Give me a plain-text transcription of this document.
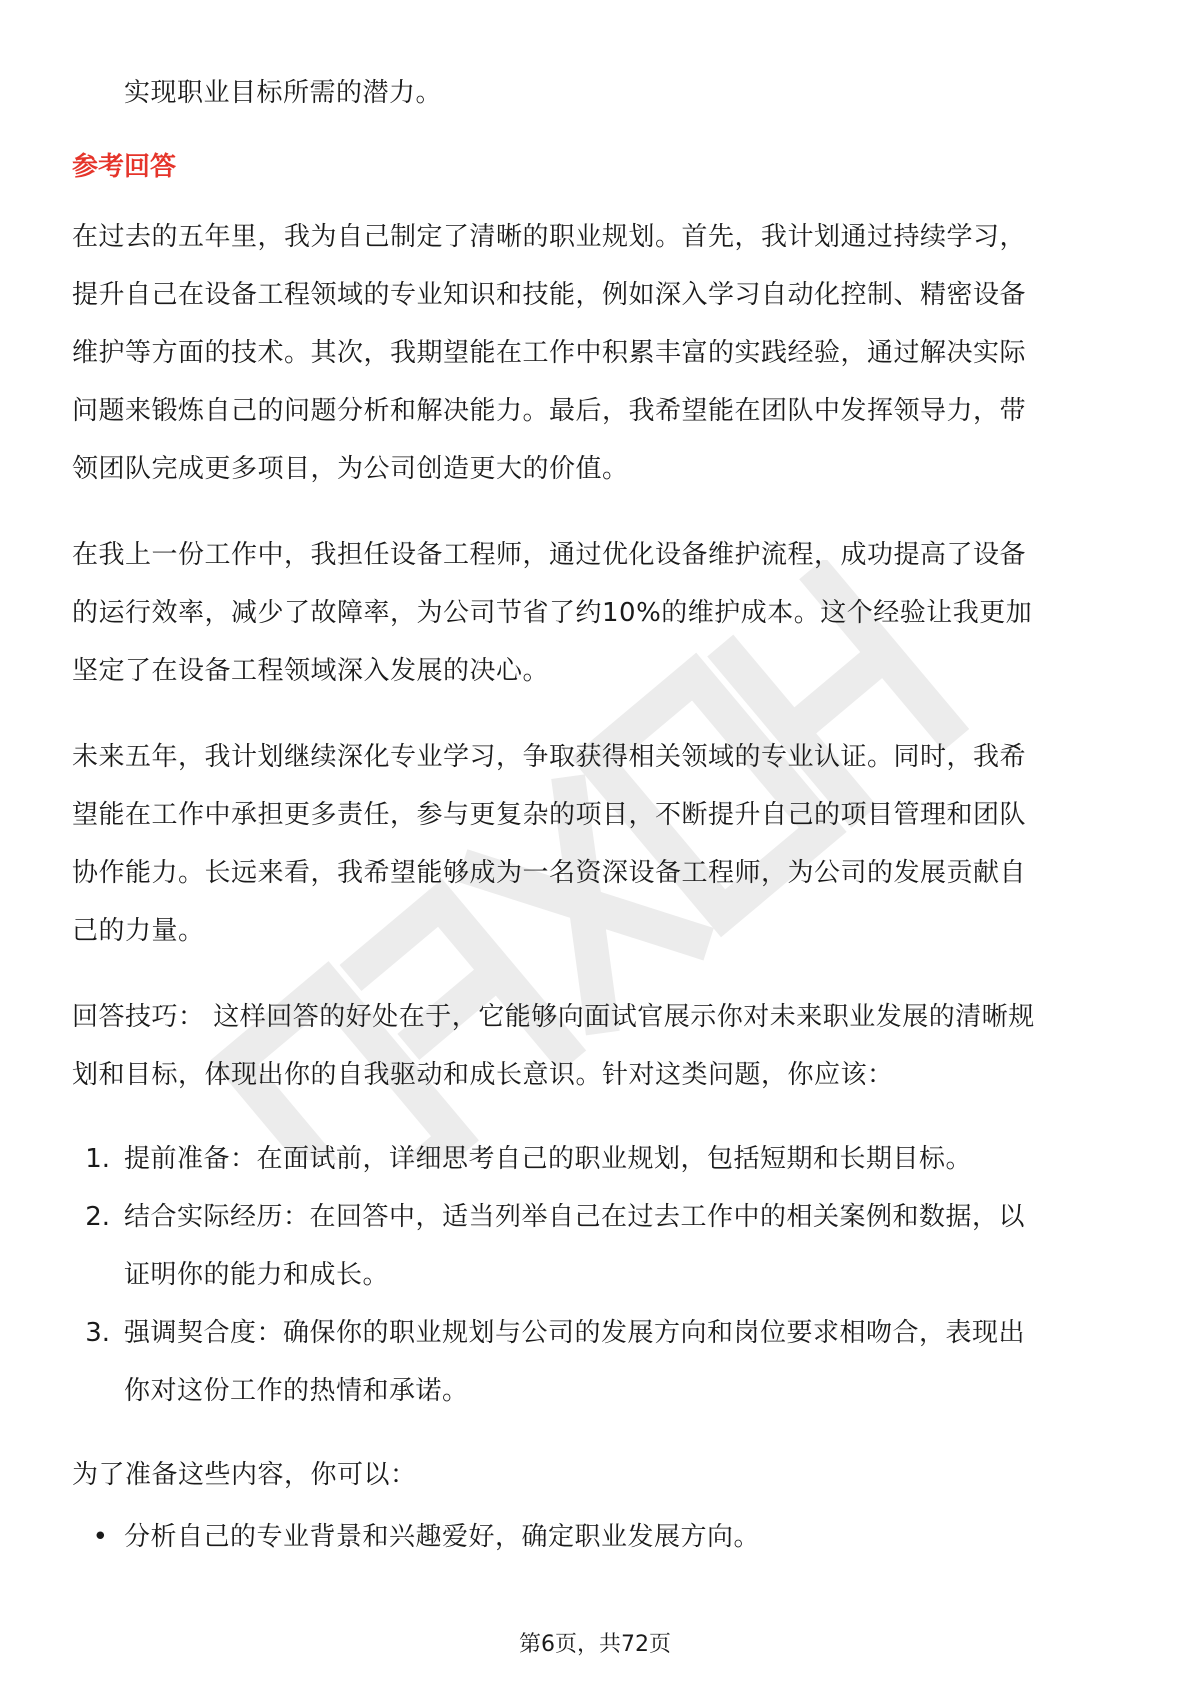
实现职业目标所需的潜力。
参考回答
在过去的五年里，我为自己制定了清晰的职业规划。首先，我计划通过持续学习，
提升自己在设备工程领域的专业知识和技能，例如深入学习自动化控制、精密设备
维护等方面的技术。其次，我期望能在工作中积累丰富的实践经验，通过解决实际
问题来锻炼自己的问题分析和解决能力。最后，我希望能在团队中发挥领导力，带
领团队完成更多项目，为公司创造更大的价值。
在我上一份工作中，我担任设备工程师，通过优化设备维护流程，成功提高了设备
的运行效率，减少了故障率，为公司节省了约10%的维护成本。这个经验让我更加
坚定了在设备工程领域深入发展的决心。
未来五年，我计划继续深化专业学习，争取获得相关领域的专业认证。同时，我希
望能在工作中承担更多责任，参与更复杂的项目，不断提升自己的项目管理和团队
协作能力。长远来看，我希望能够成为一名资深设备工程师，为公司的发展贡献自
己的力量。
回答技巧： 这样回答的好处在于，它能够向面试官展示你对未来职业发展的清晰规
划和目标，体现出你的自我驱动和成长意识。针对这类问题，你应该：
1. 提前准备：在面试前，详细思考自己的职业规划，包括短期和长期目标。
2. 结合实际经历：在回答中，适当列举自己在过去工作中的相关案例和数据，以
证明你的能力和成长。
3. 强调契合度：确保你的职业规划与公司的发展方向和岗位要求相吻合，表现出
你对这份工作的热情和承诺。
为了准备这些内容，你可以：
• 分析自己的专业背景和兴趣爱好，确定职业发展方向。
第6页，共72页
